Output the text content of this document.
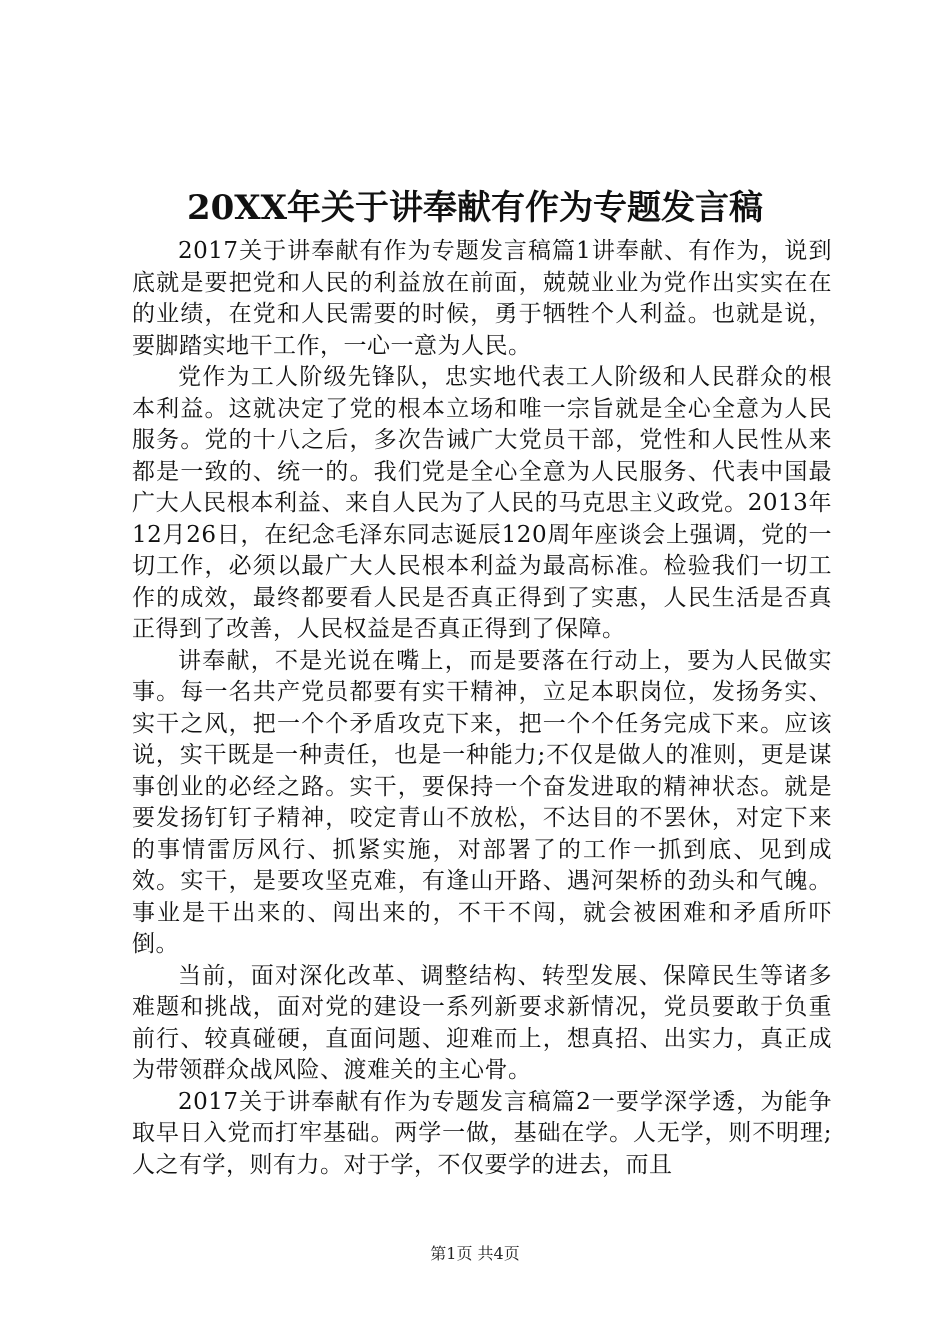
20XX年关于讲奉献有作为专题发言稿

2017关于讲奉献有作为专题发言稿篇1讲奉献、有作为，说到底就是要把党和人民的利益放在前面，兢兢业业为党作出实实在在的业绩，在党和人民需要的时候，勇于牺牲个人利益。也就是说，要脚踏实地干工作，一心一意为人民。

党作为工人阶级先锋队，忠实地代表工人阶级和人民群众的根本利益。这就决定了党的根本立场和唯一宗旨就是全心全意为人民服务。党的十八之后，多次告诫广大党员干部，党性和人民性从来都是一致的、统一的。我们党是全心全意为人民服务、代表中国最广大人民根本利益、来自人民为了人民的马克思主义政党。2013年12月26日，在纪念毛泽东同志诞辰120周年座谈会上强调，党的一切工作，必须以最广大人民根本利益为最高标准。检验我们一切工作的成效，最终都要看人民是否真正得到了实惠，人民生活是否真正得到了改善，人民权益是否真正得到了保障。

讲奉献，不是光说在嘴上，而是要落在行动上，要为人民做实事。每一名共产党员都要有实干精神，立足本职岗位，发扬务实、实干之风，把一个个矛盾攻克下来，把一个个任务完成下来。应该说，实干既是一种责任，也是一种能力;不仅是做人的准则，更是谋事创业的必经之路。实干，要保持一个奋发进取的精神状态。就是要发扬钉钉子精神，咬定青山不放松，不达目的不罢休，对定下来的事情雷厉风行、抓紧实施，对部署了的工作一抓到底、见到成效。实干，是要攻坚克难，有逢山开路、遇河架桥的劲头和气魄。事业是干出来的、闯出来的，不干不闯，就会被困难和矛盾所吓倒。

当前，面对深化改革、调整结构、转型发展、保障民生等诸多难题和挑战，面对党的建设一系列新要求新情况，党员要敢于负重前行、较真碰硬，直面问题、迎难而上，想真招、出实力，真正成为带领群众战风险、渡难关的主心骨。

2017关于讲奉献有作为专题发言稿篇2一要学深学透，为能争取早日入党而打牢基础。两学一做，基础在学。人无学，则不明理;人之有学，则有力。对于学，不仅要学的进去，而且

第1页 共4页
